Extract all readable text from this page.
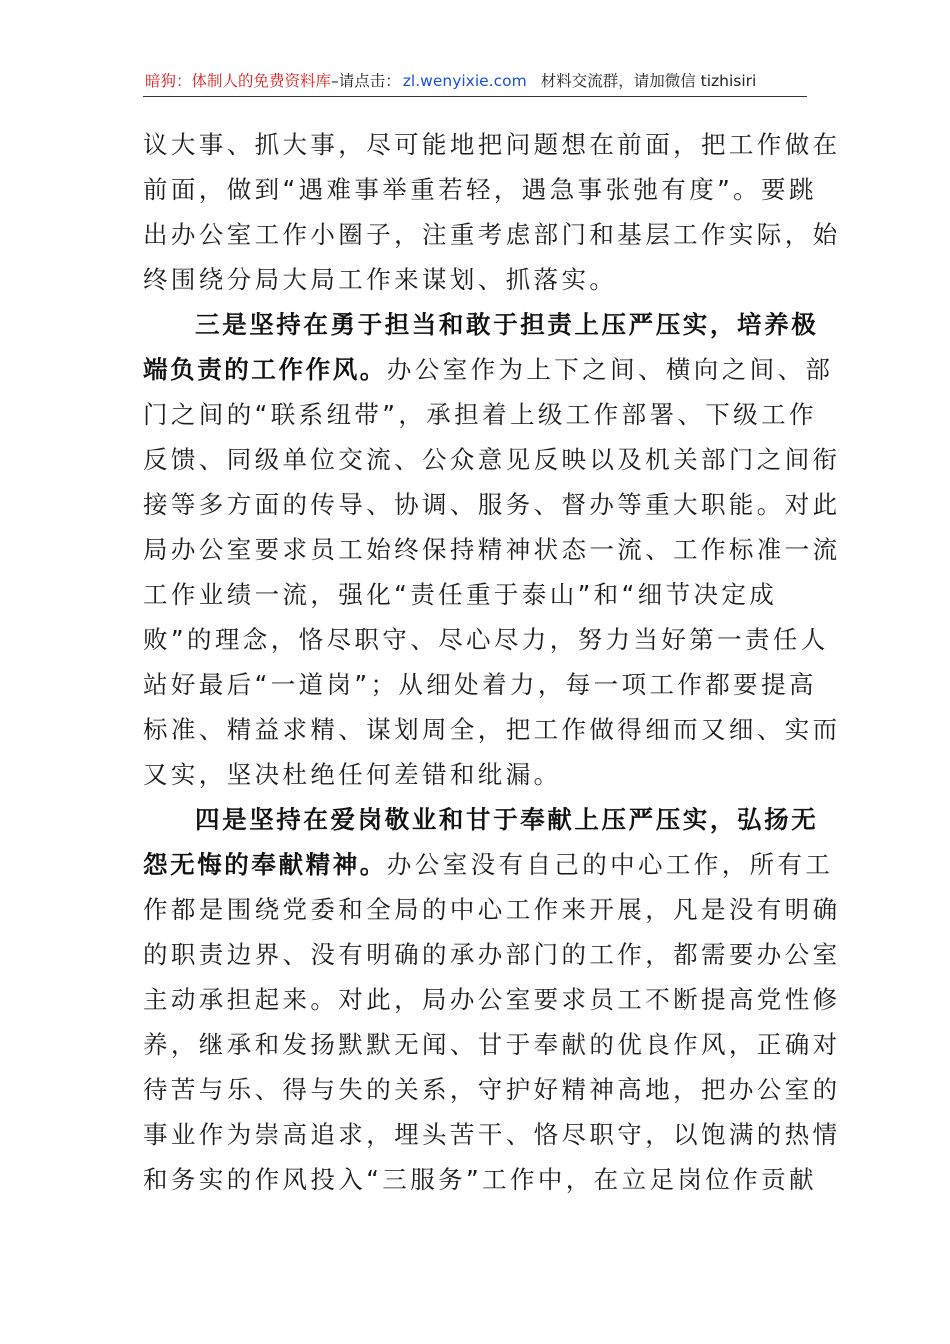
暗狗：体制人的免费资料库–请点击： zl.wenyixie.com 材料交流群，请加微信 tizhisiri
议大事、抓大事，尽可能地把问题想在前面，把工作做在
前面，做到“遇难事举重若轻，遇急事张弛有度”。要跳
出办公室工作小圈子，注重考虑部门和基层工作实际，始
终围绕分局大局工作来谋划、抓落实。
三是坚持在勇于担当和敢于担责上压严压实，培养极
端负责的工作作风。办公室作为上下之间、横向之间、部
门之间的“联系纽带”，承担着上级工作部署、下级工作
反馈、同级单位交流、公众意见反映以及机关部门之间衔
接等多方面的传导、协调、服务、督办等重大职能。对此
局办公室要求员工始终保持精神状态一流、工作标准一流
工作业绩一流，强化“责任重于泰山”和“细节决定成
败”的理念，恪尽职守、尽心尽力，努力当好第一责任人
站好最后“一道岗”；从细处着力，每一项工作都要提高
标准、精益求精、谋划周全，把工作做得细而又细、实而
又实，坚决杜绝任何差错和纰漏。
四是坚持在爱岗敬业和甘于奉献上压严压实，弘扬无
怨无悔的奉献精神。办公室没有自己的中心工作，所有工
作都是围绕党委和全局的中心工作来开展，凡是没有明确
的职责边界、没有明确的承办部门的工作，都需要办公室
主动承担起来。对此，局办公室要求员工不断提高党性修
养，继承和发扬默默无闻、甘于奉献的优良作风，正确对
待苦与乐、得与失的关系，守护好精神高地，把办公室的
事业作为崇高追求，埋头苦干、恪尽职守，以饱满的热情
和务实的作风投入“三服务”工作中，在立足岗位作贡献
